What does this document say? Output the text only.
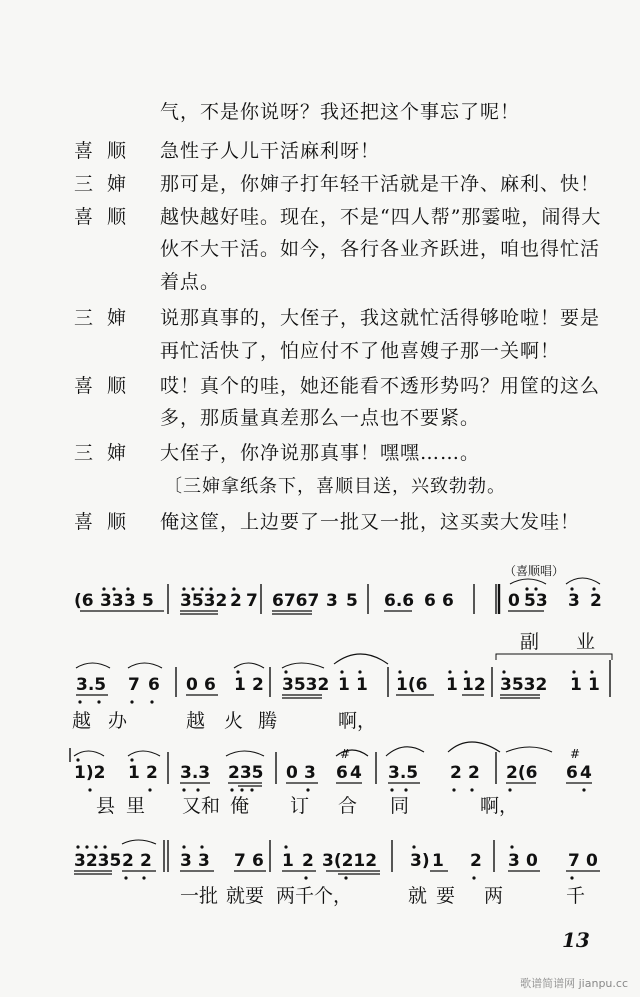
气，不是你说呀？我还把这个事忘了呢！
喜顺 急性子人儿干活麻利呀！
三婶 那可是，你婶子打年轻干活就是干净、麻利、快！
喜顺 越快越好哇。现在，不是“四人帮”那霎啦，闹得大
伙不大干活。如今，各行各业齐跃进，咱也得忙活
着点。
三婶 说那真事的，大侄子，我这就忙活得够呛啦！要是
再忙活快了，怕应付不了他喜嫂子那一关啊！
喜顺 哎！真个的哇，她还能看不透形势吗？用筐的这么
多，那质量真差那么一点也不要紧。
三婶 大侄子，你净说那真事！嘿嘿……。
〔三婶拿纸条下，喜顺目送，兴致勃勃。
喜顺 俺这筐，上边要了一批又一批，这买卖大发哇！
（喜顺唱）
(6 33 3 5 3532 2 7 6767 3 5 6.6 6 6	0 53 3 2
副 业
3.5 7 6 0 6 1 2 3532 1 1 1(6 1 12 3532 1 1
越 办	越 火 腾	啊，
1)2 1 2 3.3 235 0 3 6 4 3.5 2 2 2(6 6 4
#	#
县 里 又和 俺 订 合 同	啊，
3235 2 2 3 3 7 6 1 2 3(212 3) 1 2 3 0 7 0
一批 就要 两千个，	就 要 两	千
13
歌谱简谱网 jianpu.cc
